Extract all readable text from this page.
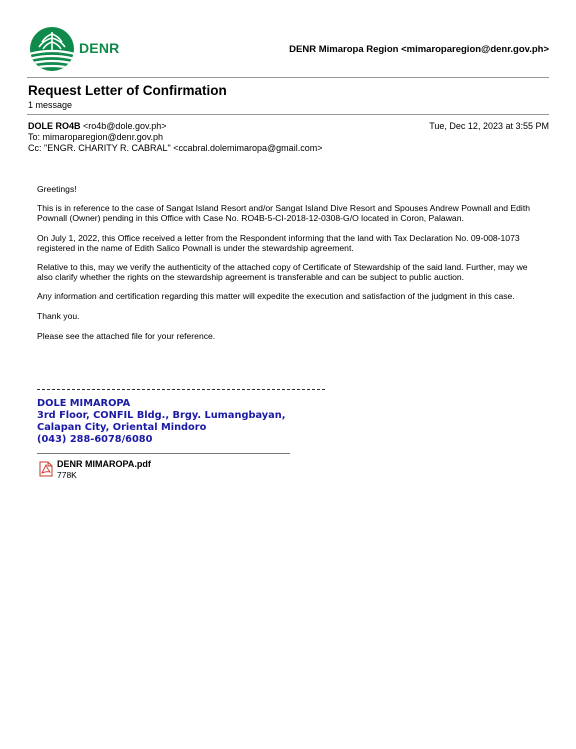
DENR	DENR Mimaropa Region <mimaroparegion@denr.gov.ph>
Request Letter of Confirmation
1 message
DOLE RO4B <ro4b@dole.gov.ph>	Tue, Dec 12, 2023 at 3:55 PM
To: mimaroparegion@denr.gov.ph
Cc: "ENGR. CHARITY R. CABRAL" <ccabral.dolemimaropa@gmail.com>

Greetings!

This is in reference to the case of Sangat Island Resort and/or Sangat Island Dive Resort and Spouses Andrew Pownall and Edith Pownall (Owner) pending in this Office with Case No. RO4B-5-CI-2018-12-0308-G/O located in Coron, Palawan.

On July 1, 2022, this Office received a letter from the Respondent informing that the land with Tax Declaration No. 09-008-1073 registered in the name of Edith Salico Pownall is under the stewardship agreement.

Relative to this, may we verify the authenticity of the attached copy of Certificate of Stewardship of the said land. Further, may we also clarify whether the rights on the stewardship agreement is transferable and can be subject to public auction.

Any information and certification regarding this matter will expedite the execution and satisfaction of the judgment in this case.

Thank you.

Please see the attached file for your reference.

DOLE MIMAROPA
3rd Floor, CONFIL Bldg., Brgy. Lumangbayan,
Calapan City, Oriental Mindoro
(043) 288-6078/6080
DENR MIMAROPA.pdf
778K
